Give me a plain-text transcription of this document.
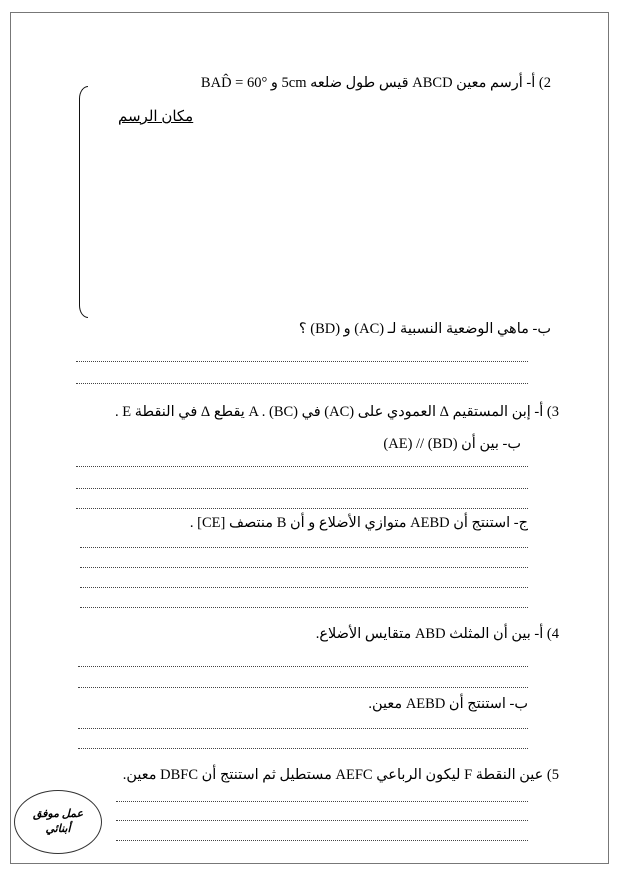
2) أ- أرسم معين ABCD قيس طول ضلعه 5cm و BAD̂ = 60°
مكان الرسم
ب- ماهي الوضعية النسبية لـ (AC) و (BD) ؟
3) أ- إبن المستقيم Δ العمودي على (AC) في A . (BC) يقطع Δ في النقطة E .
ب- بين أن (BD) // (AE)
ج- استنتج أن AEBD متوازي الأضلاع و أن B منتصف [CE] .
4) أ- بين أن المثلث ABD متقايس الأضلاع.
ب- استنتج أن AEBD معين.
5) عين النقطة F ليكون الرباعي AEFC مستطيل ثم استنتج أن DBFC معين.
عمل موفق
أبنائي
